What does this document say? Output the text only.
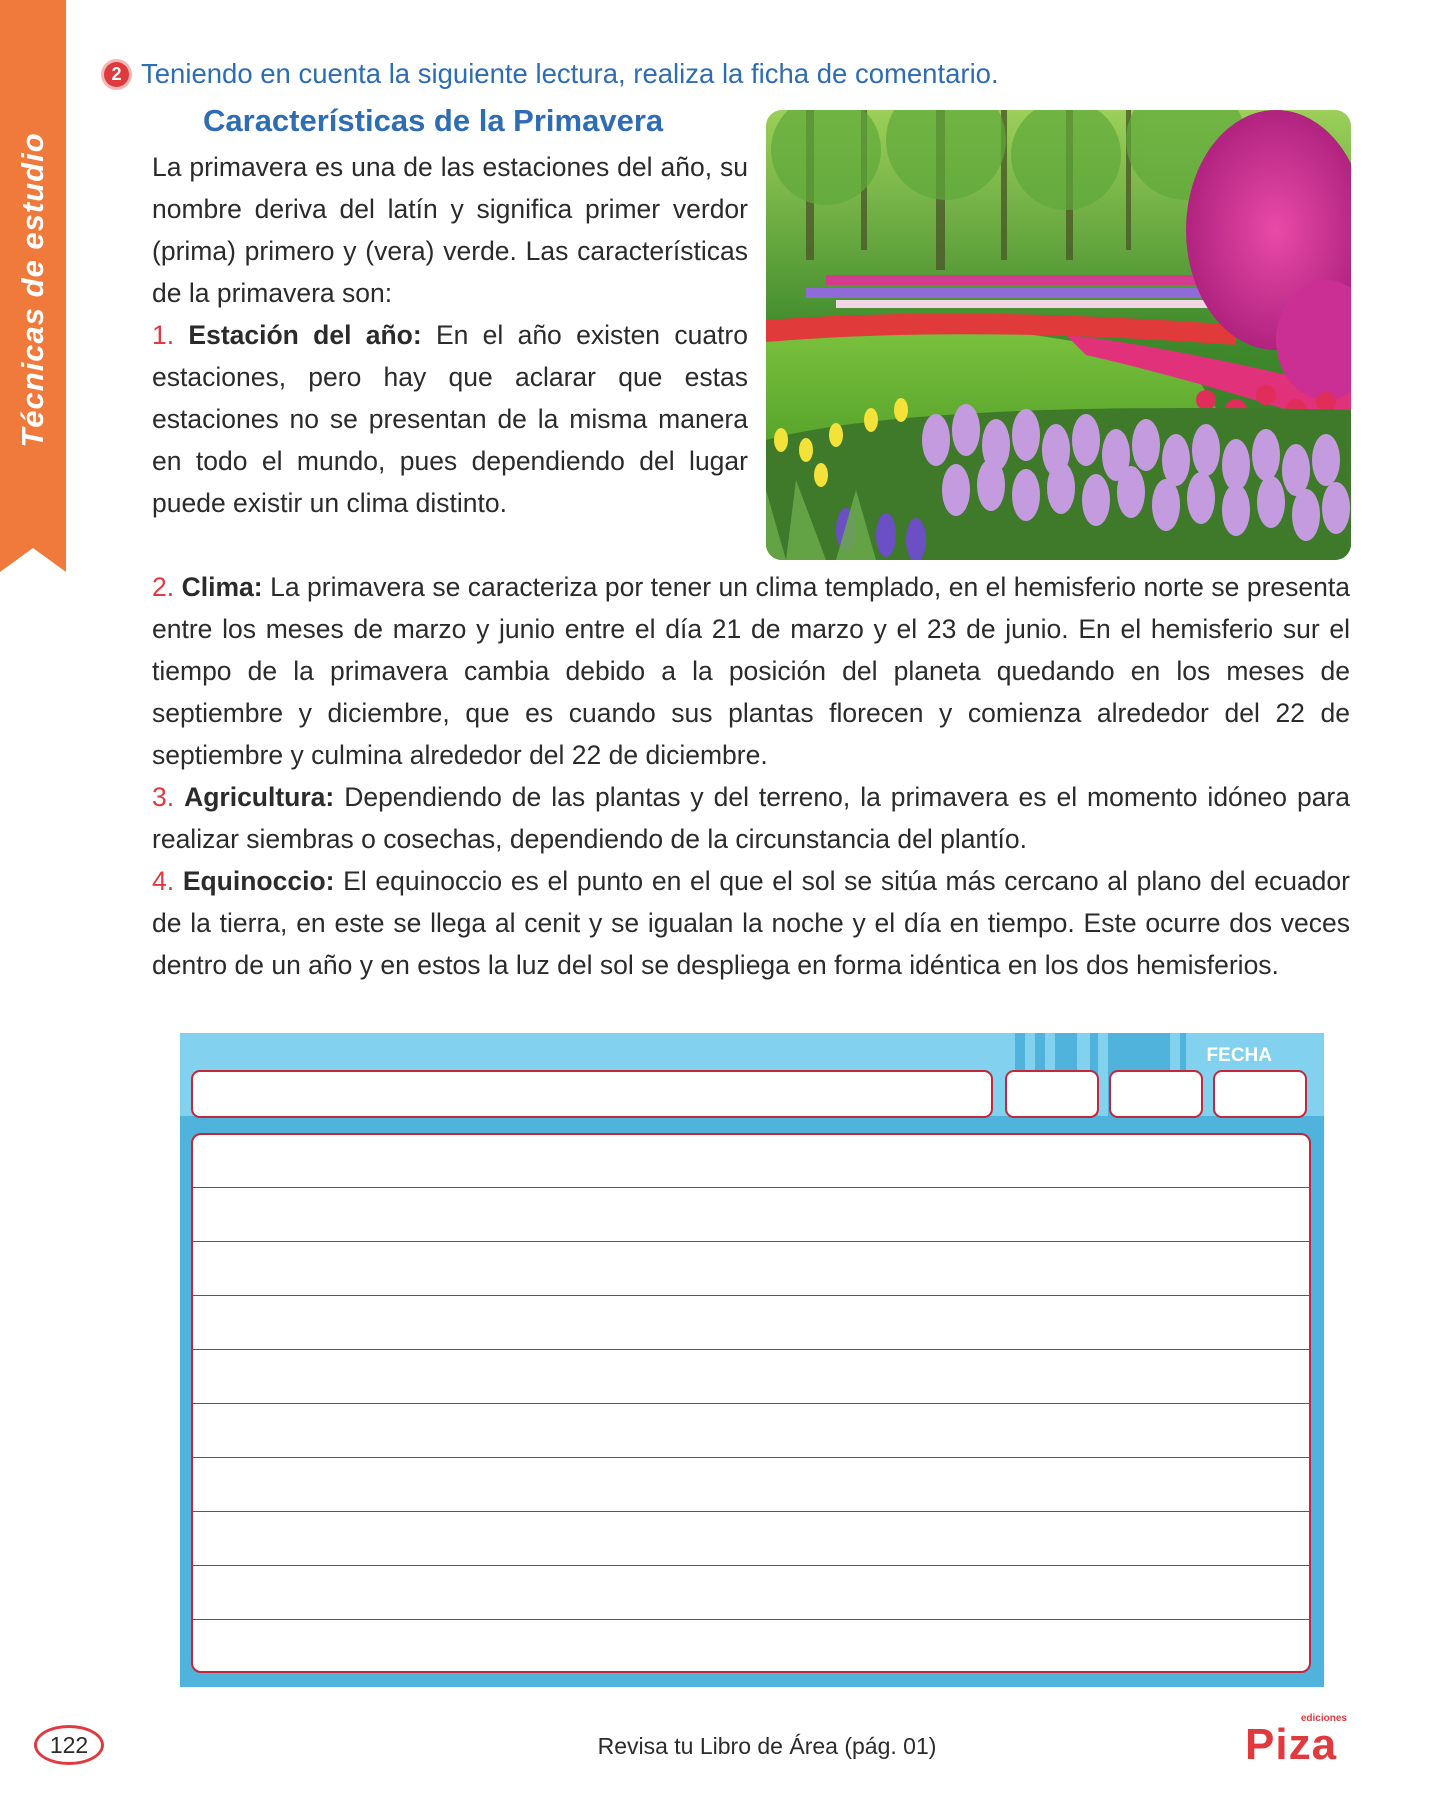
Técnicas de estudio
2 Teniendo en cuenta la siguiente lectura, realiza la ficha de comentario.
Características de la Primavera

La primavera es una de las estaciones del año, su nombre deriva del latín y significa primer verdor (prima) primero y (vera) verde. Las características de la primavera son:

1. Estación del año: En el año existen cuatro estaciones, pero hay que aclarar que estas estaciones no se presentan de la misma manera en todo el mundo, pues dependiendo del lugar puede existir un clima distinto.

2. Clima: La primavera se caracteriza por tener un clima templado, en el hemisferio norte se presenta entre los meses de marzo y junio entre el día 21 de marzo y el 23 de junio. En el hemisferio sur el tiempo de la primavera cambia debido a la posición del planeta quedando en los meses de septiembre y diciembre, que es cuando sus plantas florecen y comienza alrededor del 22 de septiembre y culmina alrededor del 22 de diciembre.

3. Agricultura: Dependiendo de las plantas y del terreno, la primavera es el momento idóneo para realizar siembras o cosechas, dependiendo de la circunstancia del plantío.

4. Equinoccio: El equinoccio es el punto en el que el sol se sitúa más cercano al plano del ecuador de la tierra, en este se llega al cenit y se igualan la noche y el día en tiempo. Este ocurre dos veces dentro de un año y en estos la luz del sol se despliega en forma idéntica en los dos hemisferios.

FECHA
122	Revisa tu Libro de Área (pág. 01)
ediciones
Piza
